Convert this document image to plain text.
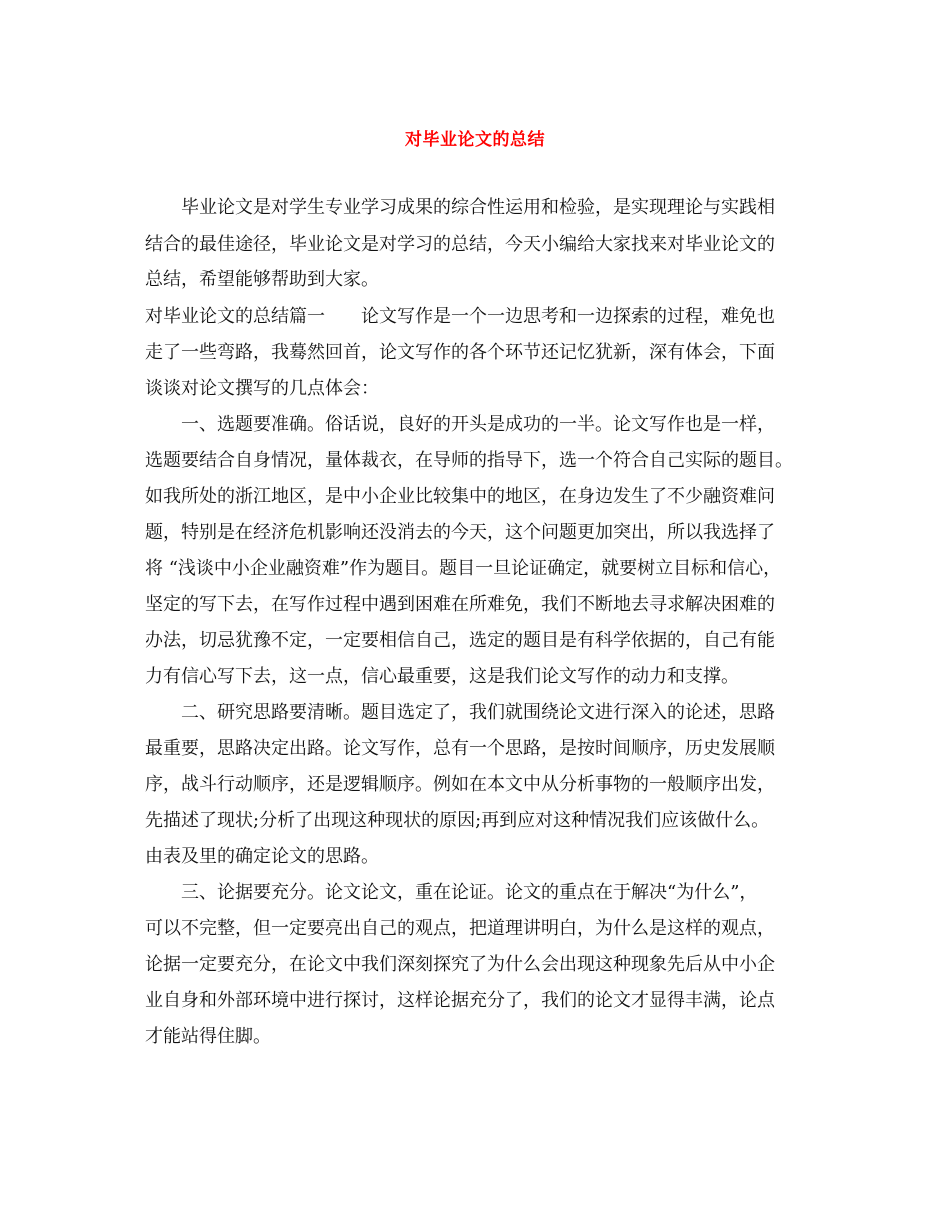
对毕业论文的总结
毕业论文是对学生专业学习成果的综合性运用和检验，是实现理论与实践相
结合的最佳途径，毕业论文是对学习的总结，今天小编给大家找来对毕业论文的
总结，希望能够帮助到大家。
对毕业论文的总结篇一　　论文写作是一个一边思考和一边探索的过程，难免也
走了一些弯路，我蓦然回首，论文写作的各个环节还记忆犹新，深有体会，下面
谈谈对论文撰写的几点体会：
一、选题要准确。俗话说，良好的开头是成功的一半。论文写作也是一样，
选题要结合自身情况，量体裁衣，在导师的指导下，选一个符合自己实际的题目。
如我所处的浙江地区，是中小企业比较集中的地区，在身边发生了不少融资难问
题，特别是在经济危机影响还没消去的今天，这个问题更加突出，所以我选择了
将 “浅谈中小企业融资难”作为题目。题目一旦论证确定，就要树立目标和信心，
坚定的写下去，在写作过程中遇到困难在所难免，我们不断地去寻求解决困难的
办法，切忌犹豫不定，一定要相信自己，选定的题目是有科学依据的，自己有能
力有信心写下去，这一点，信心最重要，这是我们论文写作的动力和支撑。
二、研究思路要清晰。题目选定了，我们就围绕论文进行深入的论述，思路
最重要，思路决定出路。论文写作，总有一个思路，是按时间顺序，历史发展顺
序，战斗行动顺序，还是逻辑顺序。例如在本文中从分析事物的一般顺序出发，
先描述了现状;分析了出现这种现状的原因;再到应对这种情况我们应该做什么。
由表及里的确定论文的思路。
三、论据要充分。论文论文，重在论证。论文的重点在于解决“为什么”，
可以不完整，但一定要亮出自己的观点，把道理讲明白，为什么是这样的观点，
论据一定要充分，在论文中我们深刻探究了为什么会出现这种现象先后从中小企
业自身和外部环境中进行探讨，这样论据充分了，我们的论文才显得丰满，论点
才能站得住脚。
